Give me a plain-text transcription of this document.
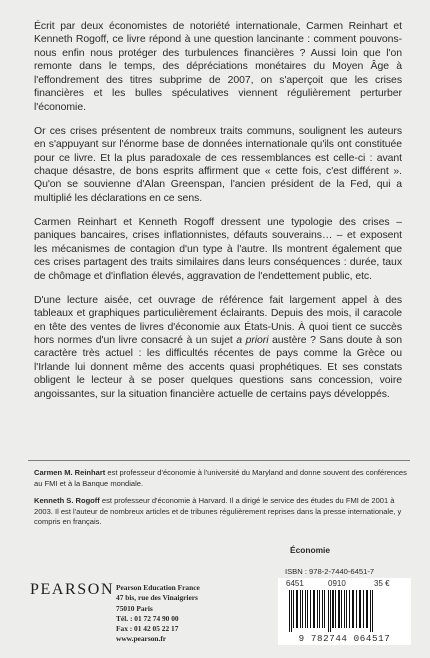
Écrit par deux économistes de notoriété internationale, Carmen Reinhart et Kenneth Rogoff, ce livre répond à une question lancinante : comment pouvons-nous enfin nous protéger des turbulences financières ? Aussi loin que l'on remonte dans le temps, des dépréciations monétaires du Moyen Âge à l'effondrement des titres subprime de 2007, on s'aperçoit que les crises financières et les bulles spéculatives viennent régulièrement perturber l'économie.

Or ces crises présentent de nombreux traits communs, soulignent les auteurs en s'appuyant sur l'énorme base de données internationale qu'ils ont constituée pour ce livre. Et la plus paradoxale de ces ressemblances est celle-ci : avant chaque désastre, de bons esprits affirment que « cette fois, c'est différent ». Qu'on se souvienne d'Alan Greenspan, l'ancien président de la Fed, qui a multiplié les déclarations en ce sens.

Carmen Reinhart et Kenneth Rogoff dressent une typologie des crises – paniques bancaires, crises inflationnistes, défauts souverains… – et exposent les mécanismes de contagion d'un type à l'autre. Ils montrent également que ces crises partagent des traits similaires dans leurs conséquences : durée, taux de chômage et d'inflation élevés, aggravation de l'endettement public, etc.

D'une lecture aisée, cet ouvrage de référence fait largement appel à des tableaux et graphiques particulièrement éclairants. Depuis des mois, il caracole en tête des ventes de livres d'économie aux États-Unis. À quoi tient ce succès hors normes d'un livre consacré à un sujet a priori austère ? Sans doute à son caractère très actuel : les difficultés récentes de pays comme la Grèce ou l'Irlande lui donnent même des accents quasi prophétiques. Et ses constats obligent le lecteur à se poser quelques questions sans concession, voire angoissantes, sur la situation financière actuelle de certains pays développés.

Carmen M. Reinhart est professeur d'économie à l'université du Maryland and donne souvent des conférences au FMI et à la Banque mondiale.

Kenneth S. Rogoff est professeur d'économie à Harvard. Il a dirigé le service des études du FMI de 2001 à 2003. Il est l'auteur de nombreux articles et de tribunes régulièrement reprises dans la presse internationale, y compris en français.

Économie
ISBN : 978-2-7440-6451-7
6451	0910	35 €
9 782744 064517
PEARSON Pearson Education France
47 bis, rue des Vinaigriers
75010 Paris
Tél. : 01 72 74 90 00
Fax : 01 42 05 22 17
www.pearson.fr
